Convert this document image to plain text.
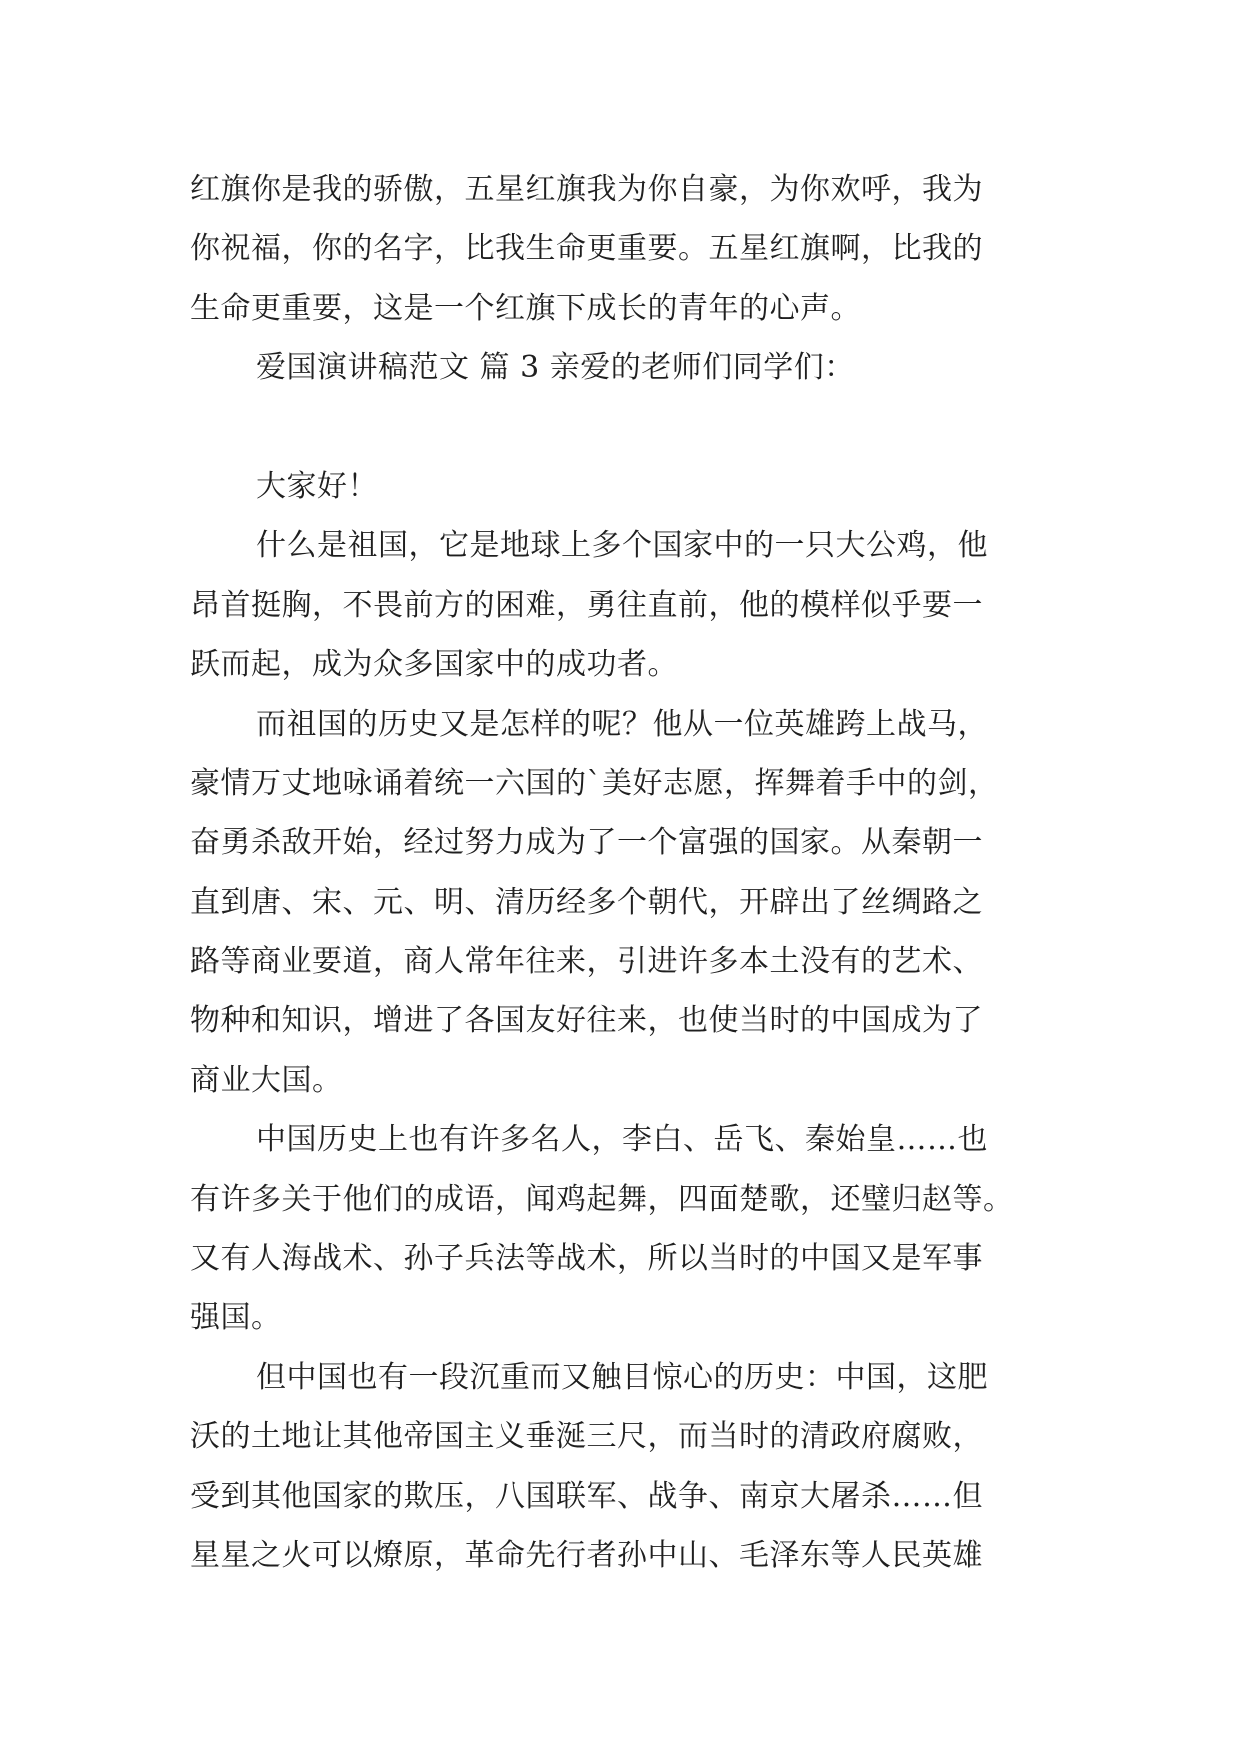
红旗你是我的骄傲，五星红旗我为你自豪，为你欢呼，我为
你祝福，你的名字，比我生命更重要。五星红旗啊，比我的
生命更重要，这是一个红旗下成长的青年的心声。
爱国演讲稿范文 篇 3 亲爱的老师们同学们：
大家好！
什么是祖国，它是地球上多个国家中的一只大公鸡，他
昂首挺胸，不畏前方的困难，勇往直前，他的模样似乎要一
跃而起，成为众多国家中的成功者。
而祖国的历史又是怎样的呢？他从一位英雄跨上战马，
豪情万丈地咏诵着统一六国的`美好志愿，挥舞着手中的剑，
奋勇杀敌开始，经过努力成为了一个富强的国家。从秦朝一
直到唐、宋、元、明、清历经多个朝代，开辟出了丝绸路之
路等商业要道，商人常年往来，引进许多本土没有的艺术、
物种和知识，增进了各国友好往来，也使当时的中国成为了
商业大国。
中国历史上也有许多名人，李白、岳飞、秦始皇……也
有许多关于他们的成语，闻鸡起舞，四面楚歌，还璧归赵等。
又有人海战术、孙子兵法等战术，所以当时的中国又是军事
强国。
但中国也有一段沉重而又触目惊心的历史：中国，这肥
沃的土地让其他帝国主义垂涎三尺，而当时的清政府腐败，
受到其他国家的欺压，八国联军、战争、南京大屠杀……但
星星之火可以燎原，革命先行者孙中山、毛泽东等人民英雄
